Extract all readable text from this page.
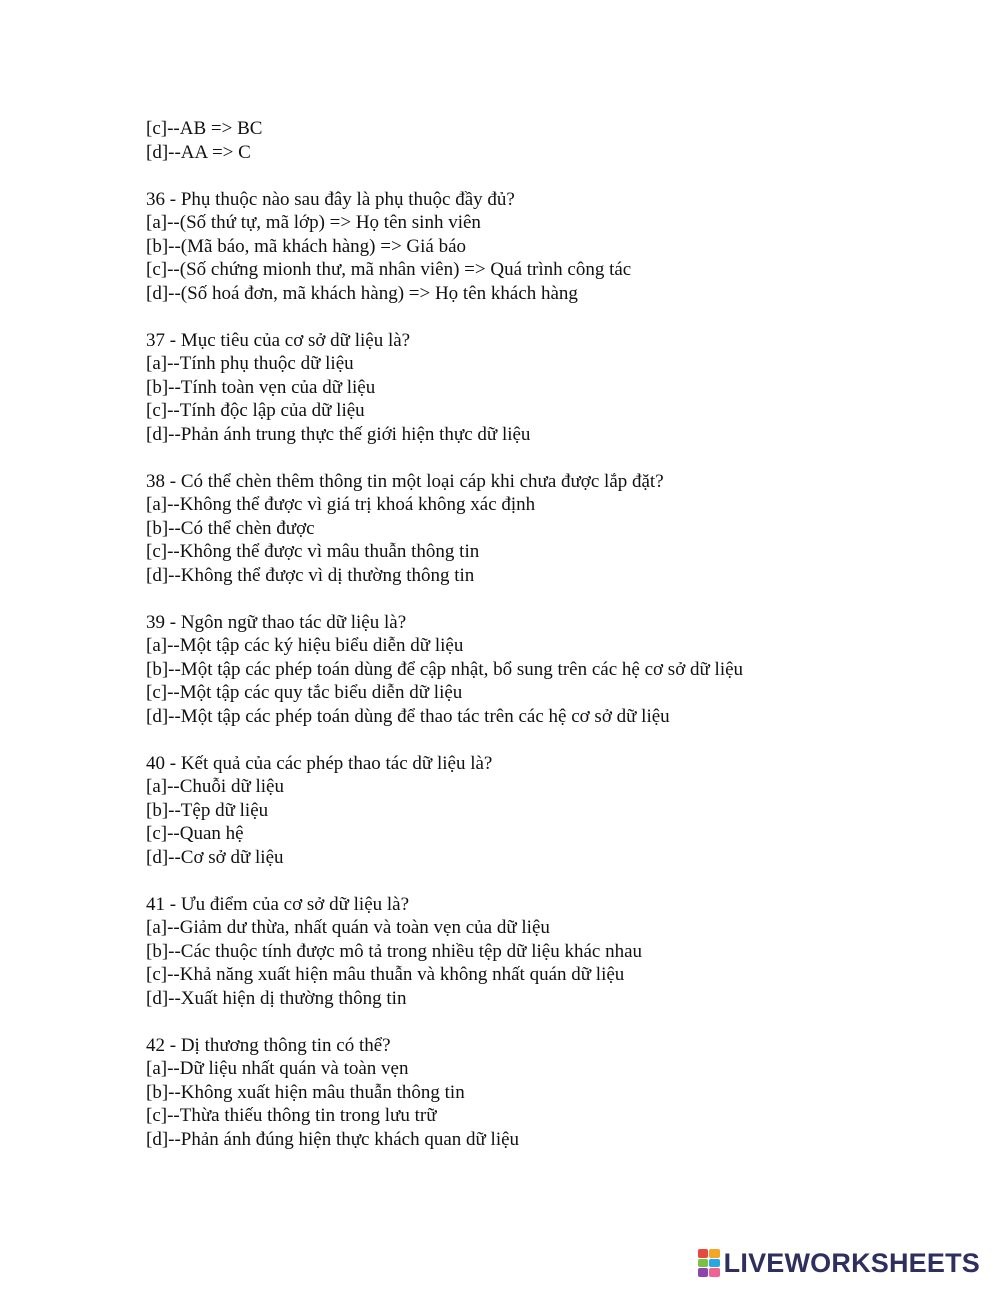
[c]--AB => BC
[d]--AA => C
36 - Phụ thuộc nào sau đây là phụ thuộc đầy đủ?
[a]--(Số thứ tự, mã lớp) => Họ tên sinh viên
[b]--(Mã báo, mã khách hàng) => Giá báo
[c]--(Số chứng mionh thư, mã nhân viên) => Quá trình công tác
[d]--(Số hoá đơn, mã khách hàng) => Họ tên khách hàng
37 - Mục tiêu của cơ sở dữ liệu là?
[a]--Tính phụ thuộc dữ liệu
[b]--Tính toàn vẹn của dữ liệu
[c]--Tính độc lập của dữ liệu
[d]--Phản ánh trung thực thế giới hiện thực dữ liệu
38 - Có thể chèn thêm thông tin một loại cáp khi chưa được lắp đặt?
[a]--Không thể được vì giá trị khoá không xác định
[b]--Có thể chèn được
[c]--Không thể được vì mâu thuẫn thông tin
[d]--Không thể được vì dị thường thông tin
39 - Ngôn ngữ thao tác dữ liệu là?
[a]--Một tập các ký hiệu biểu diễn dữ liệu
[b]--Một tập các phép toán dùng để cập nhật, bổ sung trên các hệ cơ sở dữ liệu
[c]--Một tập các quy tắc biểu diễn dữ liệu
[d]--Một tập các phép toán dùng để thao tác trên các hệ cơ sở dữ liệu
40 - Kết quả của các phép thao tác dữ liệu là?
[a]--Chuỗi dữ liệu
[b]--Tệp dữ liệu
[c]--Quan hệ
[d]--Cơ sở dữ liệu
41 - Ưu điểm của cơ sở dữ liệu là?
[a]--Giảm dư thừa, nhất quán và toàn vẹn của dữ liệu
[b]--Các thuộc tính được mô tả trong nhiều tệp dữ liệu khác nhau
[c]--Khả năng xuất hiện mâu thuẫn và không nhất quán dữ liệu
[d]--Xuất hiện dị thường thông tin
42 - Dị thương thông tin có thể?
[a]--Dữ liệu nhất quán và toàn vẹn
[b]--Không xuất hiện mâu thuẫn thông tin
[c]--Thừa thiếu thông tin trong lưu trữ
[d]--Phản ánh đúng hiện thực khách quan dữ liệu
LIVEWORKSHEETS
